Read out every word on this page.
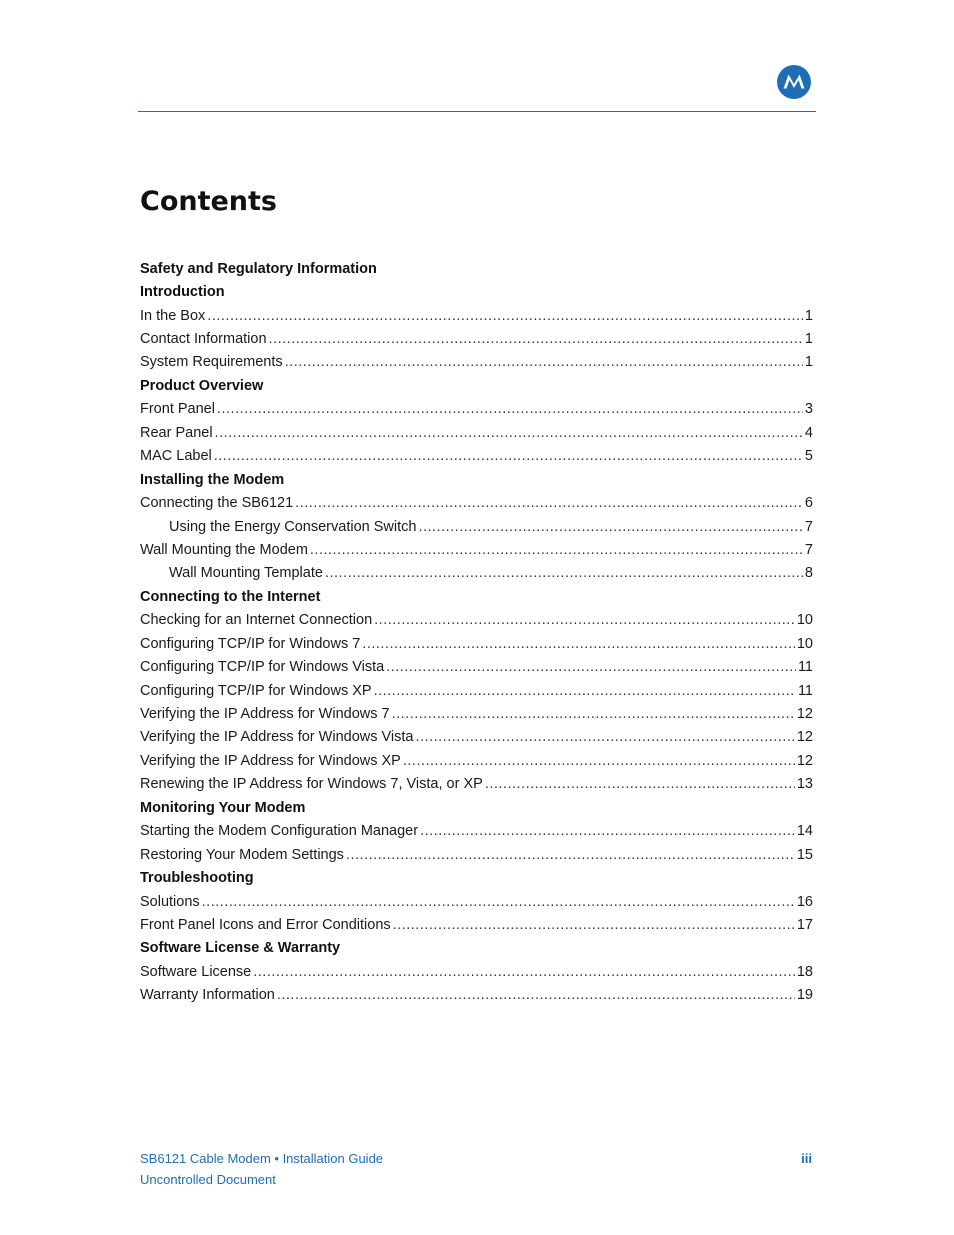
Contents
Safety and Regulatory Information
Introduction
In the Box .....	1
Contact Information .....	1
System Requirements .....	1
Product Overview
Front Panel .....	3
Rear Panel .....	4
MAC Label .....	5
Installing the Modem
Connecting the SB6121 .....	6
Using the Energy Conservation Switch .....	7
Wall Mounting the Modem .....	7
Wall Mounting Template .....	8
Connecting to the Internet
Checking for an Internet Connection .....	10
Configuring TCP/IP for Windows 7 .....	10
Configuring TCP/IP for Windows Vista .....	11
Configuring TCP/IP for Windows XP .....	11
Verifying the IP Address for Windows 7 .....	12
Verifying the IP Address for Windows Vista .....	12
Verifying the IP Address for Windows XP .....	12
Renewing the IP Address for Windows 7, Vista, or XP .....	13
Monitoring Your Modem
Starting the Modem Configuration Manager .....	14
Restoring Your Modem Settings .....	15
Troubleshooting
Solutions .....	16
Front Panel Icons and Error Conditions .....	17
Software License & Warranty
Software License .....	18
Warranty Information .....	19
SB6121 Cable Modem • Installation Guide	iii
Uncontrolled Document
